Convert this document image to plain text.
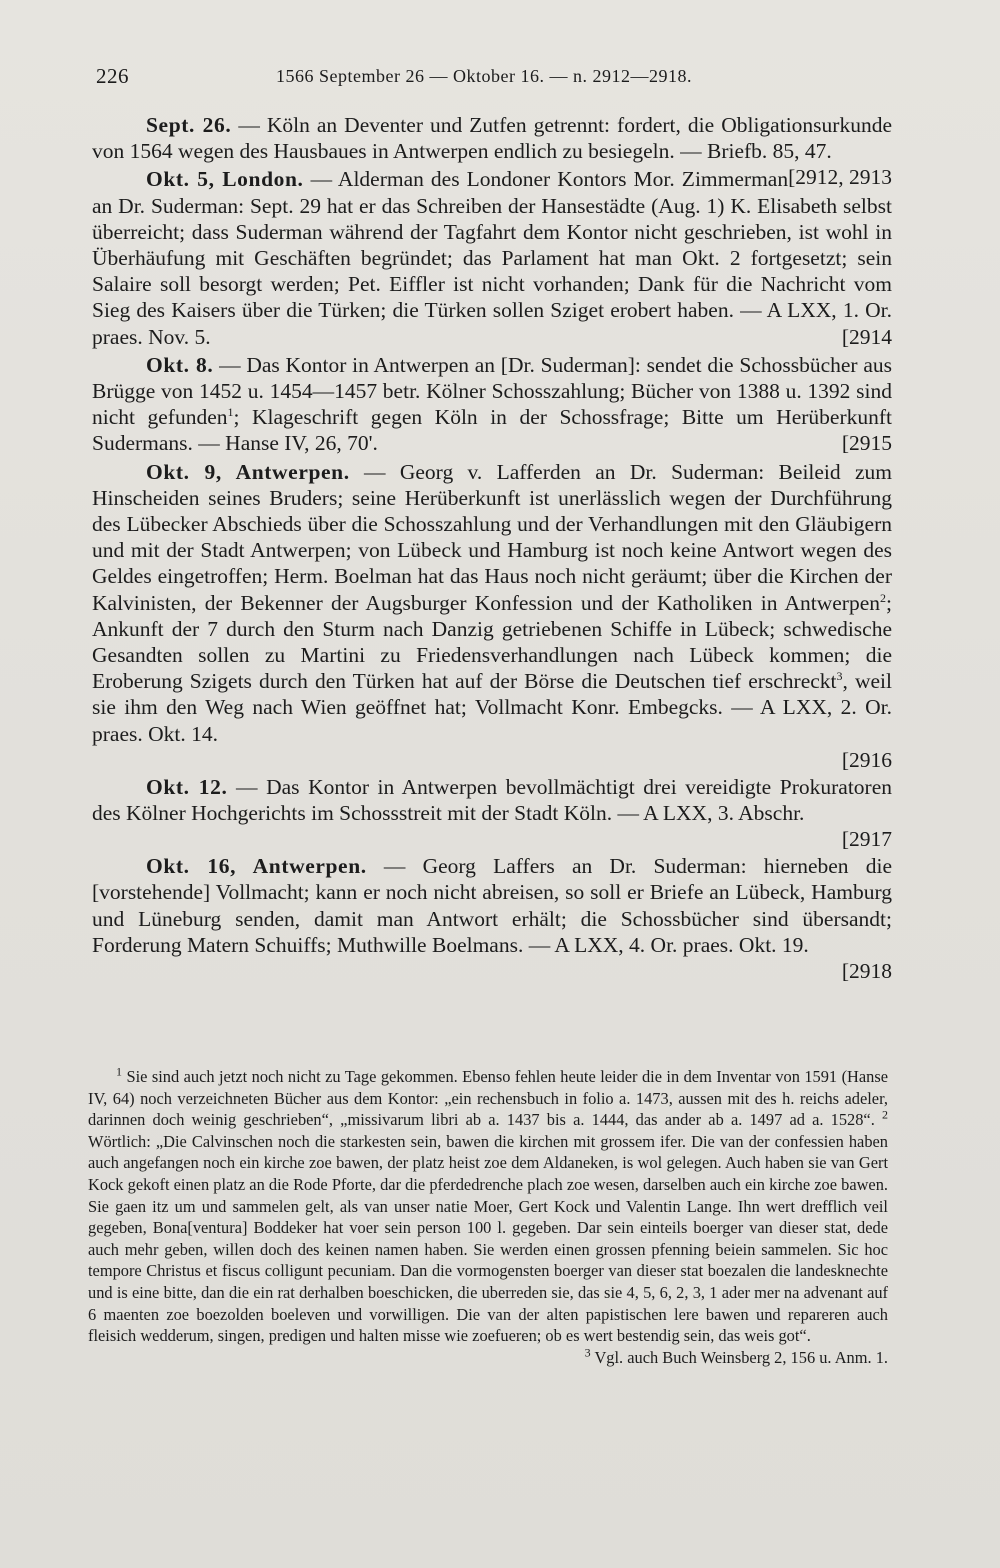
226	1566 September 26 — Oktober 16. — n. 2912—2918.

Sept. 26. — Köln an Deventer und Zutfen getrennt: fordert, die Obligationsurkunde von 1564 wegen des Hausbaues in Antwerpen endlich zu besiegeln. — Briefb. 85, 47.
[2912, 2913

Okt. 5, London. — Alderman des Londoner Kontors Mor. Zimmerman an Dr. Suderman: Sept. 29 hat er das Schreiben der Hansestädte (Aug. 1) K. Elisabeth selbst überreicht; dass Suderman während der Tagfahrt dem Kontor nicht geschrieben, ist wohl in Überhäufung mit Geschäften begründet; das Parlament hat man Okt. 2 fortgesetzt; sein Salaire soll besorgt werden; Pet. Eiffler ist nicht vorhanden; Dank für die Nachricht vom Sieg des Kaisers über die Türken; die Türken sollen Sziget erobert haben. — A LXX, 1. Or. praes. Nov. 5.	[2914

Okt. 8. — Das Kontor in Antwerpen an [Dr. Suderman]: sendet die Schossbücher aus Brügge von 1452 u. 1454—1457 betr. Kölner Schosszahlung; Bücher von 1388 u. 1392 sind nicht gefunden$^1$; Klageschrift gegen Köln in der Schossfrage; Bitte um Herüberkunft Sudermans. — Hanse IV, 26, 70'.	[2915

Okt. 9, Antwerpen. — Georg v. Lafferden an Dr. Suderman: Beileid zum Hinscheiden seines Bruders; seine Herüberkunft ist unerlässlich wegen der Durchführung des Lübecker Abschieds über die Schosszahlung und der Verhandlungen mit den Gläubigern und mit der Stadt Antwerpen; von Lübeck und Hamburg ist noch keine Antwort wegen des Geldes eingetroffen; Herm. Boelman hat das Haus noch nicht geräumt; über die Kirchen der Kalvinisten, der Bekenner der Augsburger Konfession und der Katholiken in Antwerpen$^2$; Ankunft der 7 durch den Sturm nach Danzig getriebenen Schiffe in Lübeck; schwedische Gesandten sollen zu Martini zu Friedensverhandlungen nach Lübeck kommen; die Eroberung Szigets durch den Türken hat auf der Börse die Deutschen tief erschreckt$^3$, weil sie ihm den Weg nach Wien geöffnet hat; Vollmacht Konr. Embegcks. — A LXX, 2. Or. praes. Okt. 14.
[2916

Okt. 12. — Das Kontor in Antwerpen bevollmächtigt drei vereidigte Prokuratoren des Kölner Hochgerichts im Schossstreit mit der Stadt Köln. — A LXX, 3. Abschr.
[2917

Okt. 16, Antwerpen. — Georg Laffers an Dr. Suderman: hierneben die [vorstehende] Vollmacht; kann er noch nicht abreisen, so soll er Briefe an Lübeck, Hamburg und Lüneburg senden, damit man Antwort erhält; die Schossbücher sind übersandt; Forderung Matern Schuiffs; Muthwille Boelmans. — A LXX, 4. Or. praes. Okt. 19.
[2918

$^1$ Sie sind auch jetzt noch nicht zu Tage gekommen. Ebenso fehlen heute leider die in dem Inventar von 1591 (Hanse IV, 64) noch verzeichneten Bücher aus dem Kontor: „ein rechensbuch in folio a. 1473, aussen mit des h. reichs adeler, darinnen doch weinig geschrieben“, „missivarum libri ab a. 1437 bis a. 1444, das ander ab a. 1497 ad a. 1528“. $^2$ Wörtlich: „Die Calvinschen noch die starkesten sein, bawen die kirchen mit grossem ifer. Die van der confessien haben auch angefangen noch ein kirche zoe bawen, der platz heist zoe dem Aldaneken, is wol gelegen. Auch haben sie van Gert Kock gekoft einen platz an die Rode Pforte, dar die pferdedrenche plach zoe wesen, darselben auch ein kirche zoe bawen. Sie gaen itz um und sammelen gelt, als van unser natie Moer, Gert Kock und Valentin Lange. Ihn wert drefflich veil gegeben, Bona[ventura] Boddeker hat voer sein person 100 l. gegeben. Dar sein einteils boerger van dieser stat, dede auch mehr geben, willen doch des keinen namen haben. Sie werden einen grossen pfenning beiein sammelen. Sic hoc tempore Christus et fiscus colligunt pecuniam. Dan die vormogensten boerger van dieser stat boezalen die landesknechte und is eine bitte, dan die ein rat derhalben boeschicken, die uberreden sie, das sie 4, 5, 6, 2, 3, 1 ader mer na advenant auf 6 maenten zoe boezolden boeleven und vorwilligen. Die van der alten papistischen lere bawen und repareren auch fleisich wedderum, singen, predigen und halten misse wie zoefueren; ob es wert bestendig sein, das weis got“.

$^3$ Vgl. auch Buch Weinsberg 2, 156 u. Anm. 1.
